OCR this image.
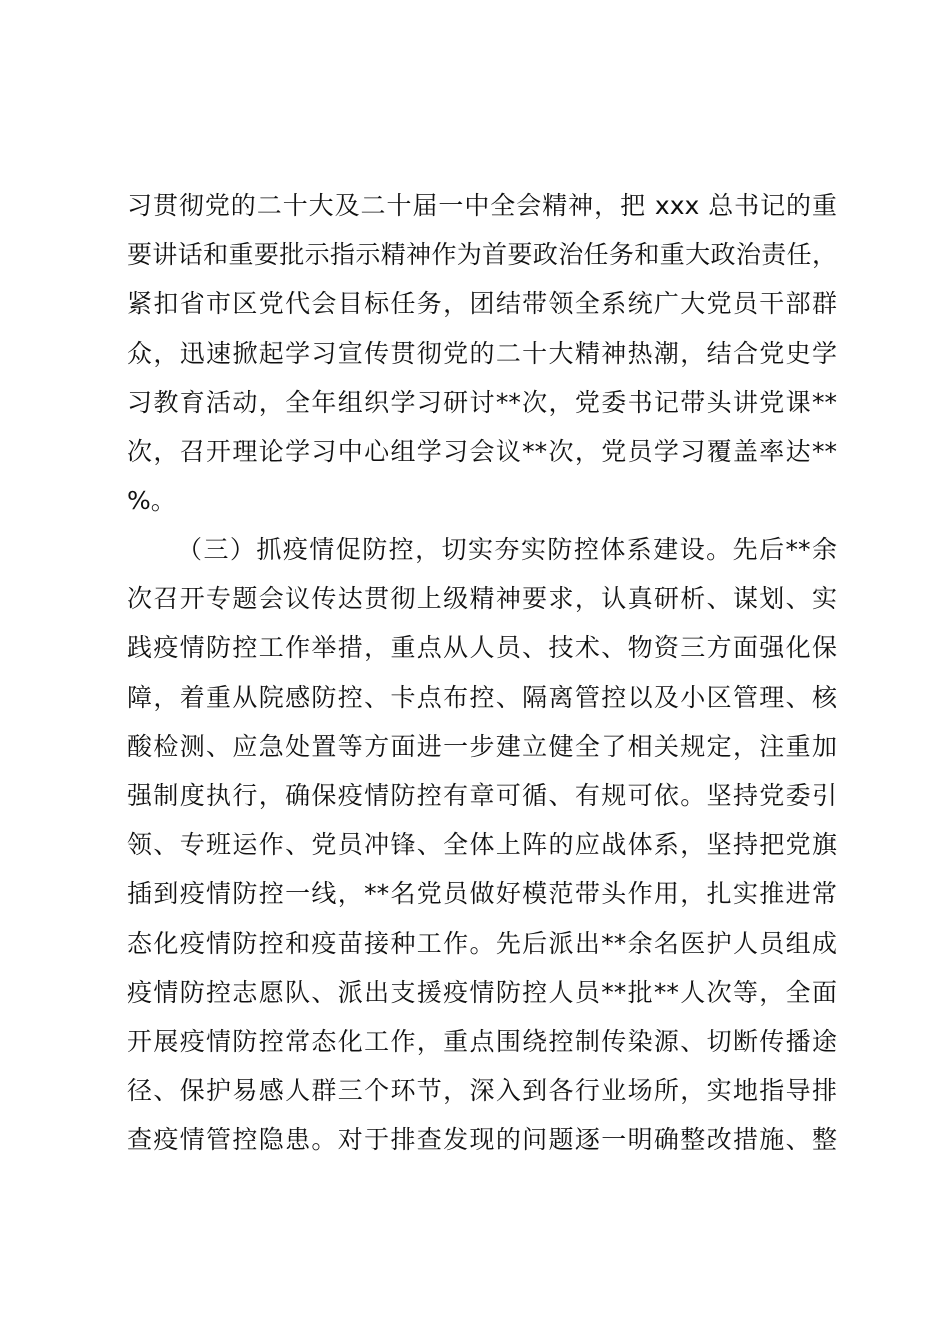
习贯彻党的二十大及二十届一中全会精神，把 xxx 总书记的重
要讲话和重要批示指示精神作为首要政治任务和重大政治责任，
紧扣省市区党代会目标任务，团结带领全系统广大党员干部群
众，迅速掀起学习宣传贯彻党的二十大精神热潮，结合党史学
习教育活动，全年组织学习研讨**次，党委书记带头讲党课**
次，召开理论学习中心组学习会议**次，党员学习覆盖率达**
%。
（三）抓疫情促防控，切实夯实防控体系建设。先后**余
次召开专题会议传达贯彻上级精神要求，认真研析、谋划、实
践疫情防控工作举措，重点从人员、技术、物资三方面强化保
障，着重从院感防控、卡点布控、隔离管控以及小区管理、核
酸检测、应急处置等方面进一步建立健全了相关规定，注重加
强制度执行，确保疫情防控有章可循、有规可依。坚持党委引
领、专班运作、党员冲锋、全体上阵的应战体系，坚持把党旗
插到疫情防控一线，**名党员做好模范带头作用，扎实推进常
态化疫情防控和疫苗接种工作。先后派出**余名医护人员组成
疫情防控志愿队、派出支援疫情防控人员**批**人次等，全面
开展疫情防控常态化工作，重点围绕控制传染源、切断传播途
径、保护易感人群三个环节，深入到各行业场所，实地指导排
查疫情管控隐患。对于排查发现的问题逐一明确整改措施、整
